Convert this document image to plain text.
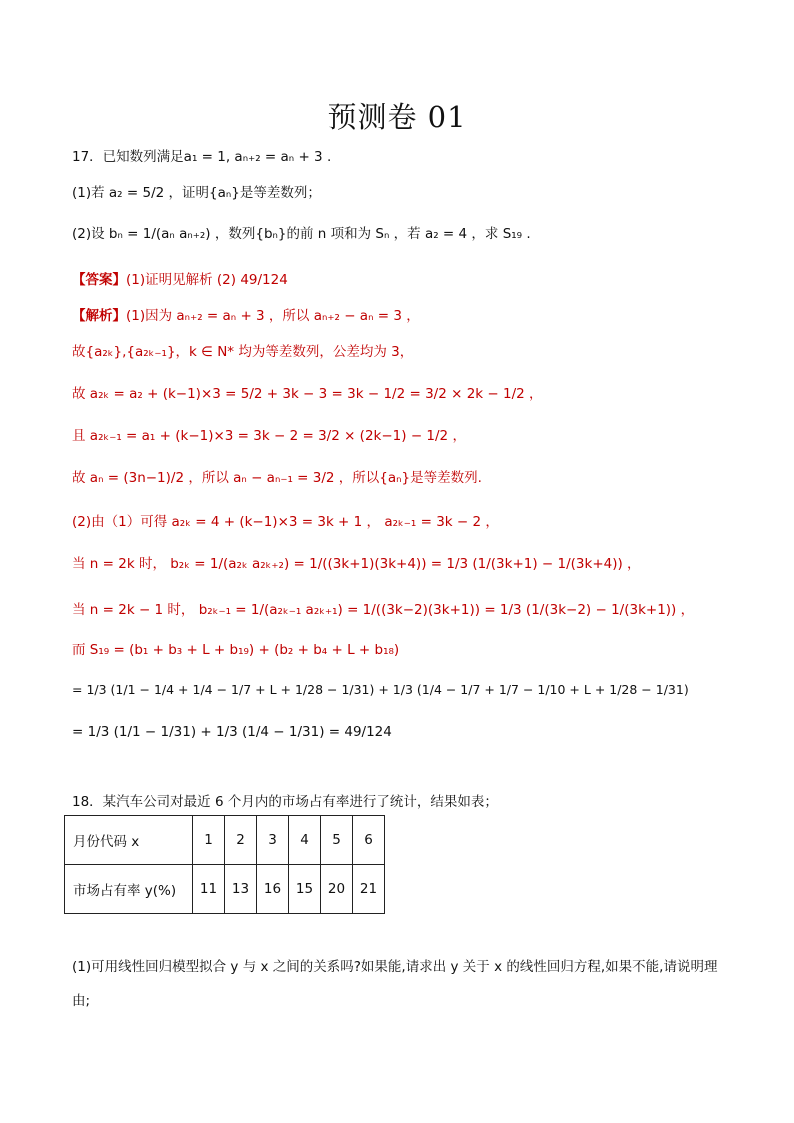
预测卷 01
17．已知数列满足a₁ = 1, aₙ₊₂ = aₙ + 3 .
(1)若 a₂ = 5/2 ，证明{aₙ}是等差数列；
(2)设 bₙ = 1/(aₙ aₙ₊₂) ，数列{bₙ}的前 n 项和为 Sₙ ，若 a₂ = 4 ，求 S₁₉ .
【答案】(1)证明见解析 (2) 49/124
【解析】(1)因为 aₙ₊₂ = aₙ + 3 ，所以 aₙ₊₂ − aₙ = 3 ，
故{a₂ₖ},{a₂ₖ₋₁}，k ∈ N* 均为等差数列，公差均为 3，
故 a₂ₖ = a₂ + (k−1)×3 = 5/2 + 3k − 3 = 3k − 1/2 = 3/2 × 2k − 1/2 ，
且 a₂ₖ₋₁ = a₁ + (k−1)×3 = 3k − 2 = 3/2 × (2k−1) − 1/2 ，
故 aₙ = (3n−1)/2 ，所以 aₙ − aₙ₋₁ = 3/2 ，所以{aₙ}是等差数列.
(2)由（1）可得 a₂ₖ = 4 + (k−1)×3 = 3k + 1 ， a₂ₖ₋₁ = 3k − 2 ，
当 n = 2k 时， b₂ₖ = 1/(a₂ₖ a₂ₖ₊₂) = 1/((3k+1)(3k+4)) = 1/3 (1/(3k+1) − 1/(3k+4)) ，
当 n = 2k − 1 时， b₂ₖ₋₁ = 1/(a₂ₖ₋₁ a₂ₖ₊₁) = 1/((3k−2)(3k+1)) = 1/3 (1/(3k−2) − 1/(3k+1)) ，
而 S₁₉ = (b₁ + b₃ + L + b₁₉) + (b₂ + b₄ + L + b₁₈)
= 1/3 (1/1 − 1/4 + 1/4 − 1/7 + L + 1/28 − 1/31) + 1/3 (1/4 − 1/7 + 1/7 − 1/10 + L + 1/28 − 1/31)
= 1/3 (1/1 − 1/31) + 1/3 (1/4 − 1/31) = 49/124
18．某汽车公司对最近 6 个月内的市场占有率进行了统计，结果如表；
月份代码 x	1	2	3	4	5	6
市场占有率 y(%)	11	13	16	15	20	21
(1)可用线性回归模型拟合 y 与 x 之间的关系吗?如果能,请求出 y 关于 x 的线性回归方程,如果不能,请说明理由;
